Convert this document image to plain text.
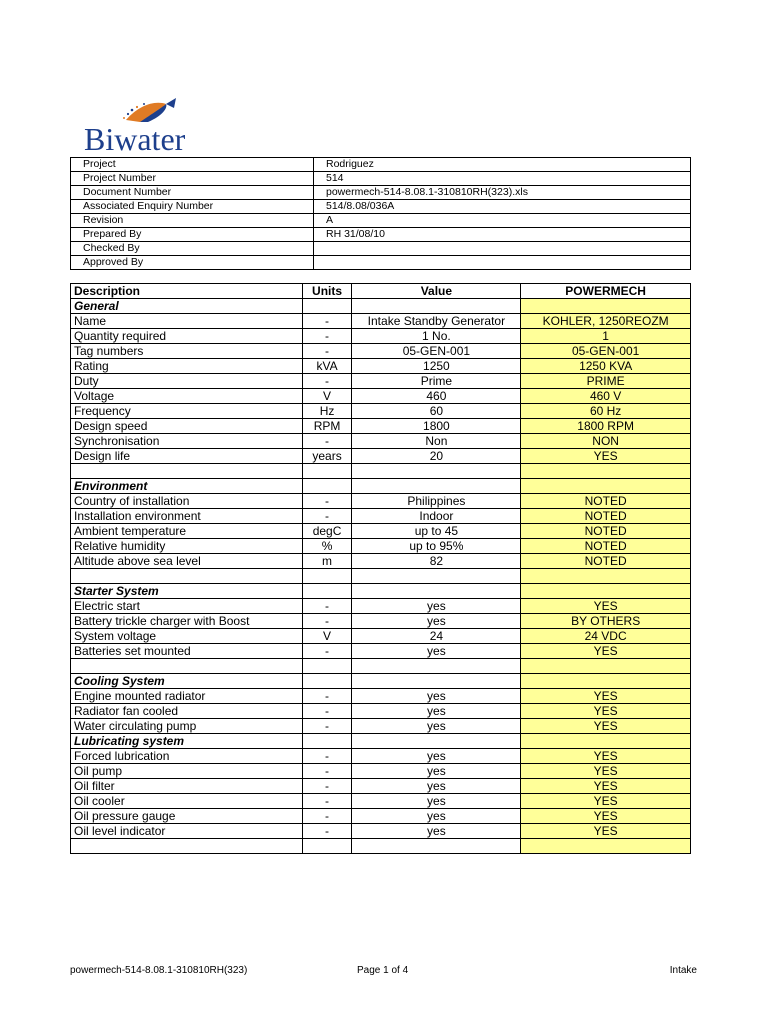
Biwater
Project	Rodriguez
Project Number	514
Document Number	powermech-514-8.08.1-310810RH(323).xls
Associated Enquiry Number	514/8.08/036A
Revision	A
Prepared By	RH 31/08/10
Checked By	
Approved By	
Description	Units	Value	POWERMECH
General			
Name	-	Intake Standby Generator	KOHLER, 1250REOZM
Quantity required	-	1 No.	1
Tag numbers	-	05-GEN-001	05-GEN-001
Rating	kVA	1250	1250 KVA
Duty	-	Prime	PRIME
Voltage	V	460	460 V
Frequency	Hz	60	60 Hz
Design speed	RPM	1800	1800 RPM
Synchronisation	-	Non	NON
Design life	years	20	YES

Environment			
Country of installation	-	Philippines	NOTED
Installation environment	-	Indoor	NOTED
Ambient temperature	degC	up to 45	NOTED
Relative humidity	%	up to 95%	NOTED
Altitude above sea level	m	82	NOTED

Starter System			
Electric start	-	yes	YES
Battery trickle charger with Boost	-	yes	BY OTHERS
System voltage	V	24	24 VDC
Batteries set mounted	-	yes	YES

Cooling System			
Engine mounted radiator	-	yes	YES
Radiator fan cooled	-	yes	YES
Water circulating pump	-	yes	YES
Lubricating system			
Forced lubrication	-	yes	YES
Oil pump	-	yes	YES
Oil filter	-	yes	YES
Oil cooler	-	yes	YES
Oil pressure gauge	-	yes	YES
Oil level indicator	-	yes	YES

powermech-514-8.08.1-310810RH(323)	Page 1 of 4	Intake
